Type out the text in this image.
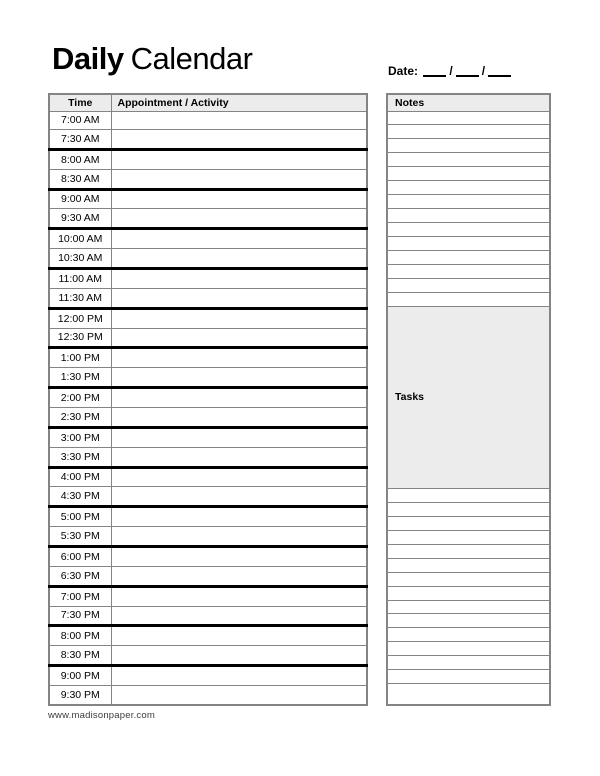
Daily Calendar	Date:	/ /
Time	Appointment / Activity
7:00 AM	
7:30 AM	
8:00 AM	
8:30 AM	
9:00 AM	
9:30 AM	
10:00 AM	
10:30 AM	
11:00 AM	
11:30 AM	
12:00 PM	
12:30 PM	
1:00 PM	
1:30 PM	
2:00 PM	
2:30 PM	
3:00 PM	
3:30 PM	
4:00 PM	
4:30 PM	
5:00 PM	
5:30 PM	
6:00 PM	
6:30 PM	
7:00 PM	
7:30 PM	
8:00 PM	
8:30 PM	
9:00 PM	
9:30 PM	
Notes

Tasks

www.madisonpaper.com
